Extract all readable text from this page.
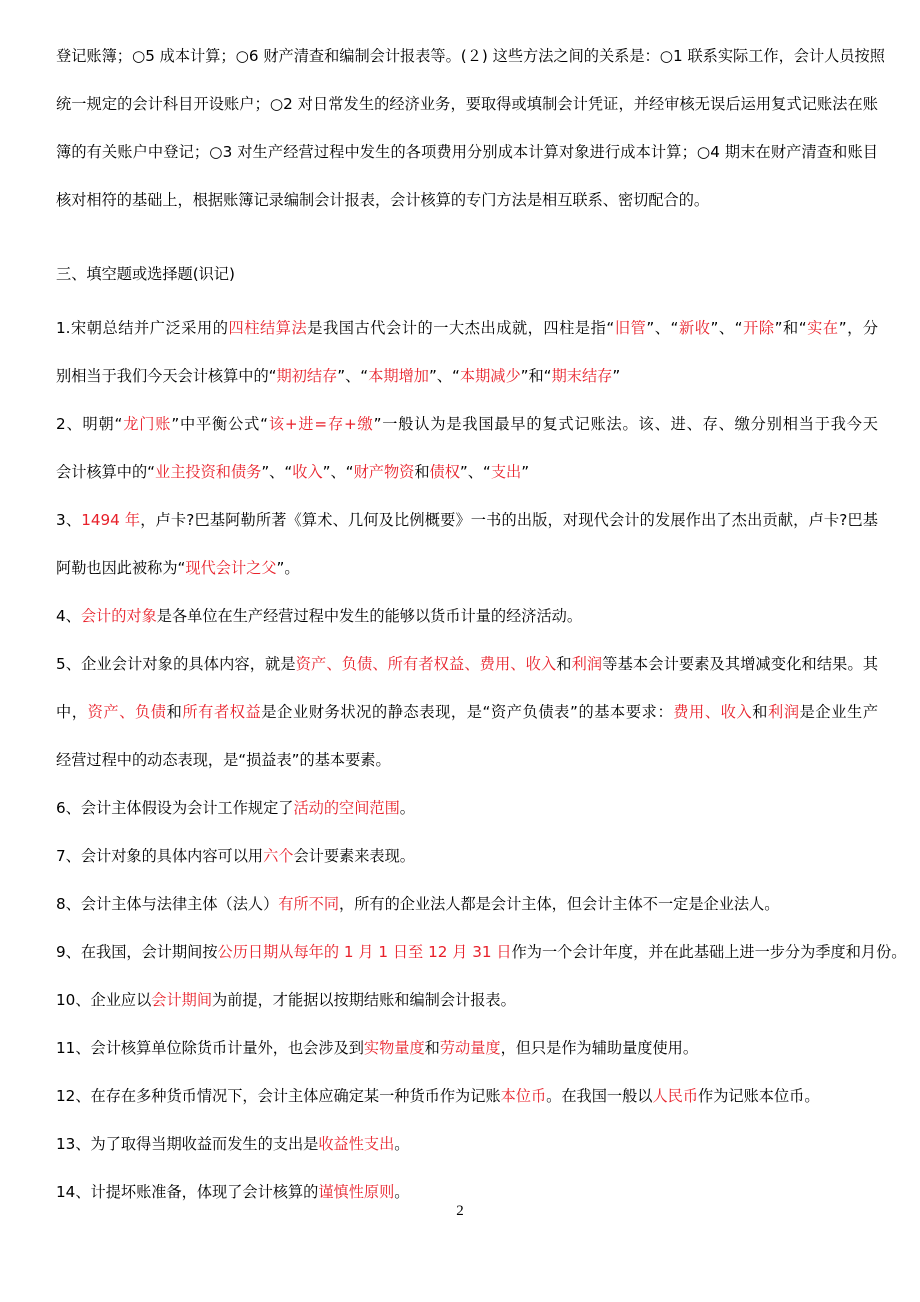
登记账簿；○5 成本计算；○6 财产清查和编制会计报表等。(２) 这些方法之间的关系是：○1 联系实际工作，会计人员按照
统一规定的会计科目开设账户；○2 对日常发生的经济业务，要取得或填制会计凭证，并经审核无误后运用复式记账法在账
簿的有关账户中登记；○3 对生产经营过程中发生的各项费用分别成本计算对象进行成本计算；○4 期末在财产清查和账目
核对相符的基础上，根据账簿记录编制会计报表，会计核算的专门方法是相互联系、密切配合的。
三、填空题或选择题(识记)
1.宋朝总结并广泛采用的四柱结算法是我国古代会计的一大杰出成就，四柱是指“旧管”、“新收”、“开除”和“实在”，分
别相当于我们今天会计核算中的“期初结存”、“本期增加”、“本期减少”和“期末结存”
2、明朝“龙门账”中平衡公式“该+进=存+缴”一般认为是我国最早的复式记账法。该、进、存、缴分别相当于我今天
会计核算中的“业主投资和债务”、“收入”、“财产物资和债权”、“支出”
3、1494 年，卢卡?巴基阿勒所著《算术、几何及比例概要》一书的出版，对现代会计的发展作出了杰出贡献，卢卡?巴基
阿勒也因此被称为“现代会计之父”。
4、会计的对象是各单位在生产经营过程中发生的能够以货币计量的经济活动。
5、企业会计对象的具体内容，就是资产、负债、所有者权益、费用、收入和利润等基本会计要素及其增减变化和结果。其
中，资产、负债和所有者权益是企业财务状况的静态表现，是“资产负债表”的基本要求：费用、收入和利润是企业生产
经营过程中的动态表现，是“损益表”的基本要素。
6、会计主体假设为会计工作规定了活动的空间范围。
7、会计对象的具体内容可以用六个会计要素来表现。
8、会计主体与法律主体（法人）有所不同，所有的企业法人都是会计主体，但会计主体不一定是企业法人。
9、在我国，会计期间按公历日期从每年的 1 月 1 日至 12 月 31 日作为一个会计年度，并在此基础上进一步分为季度和月份。
10、企业应以会计期间为前提，才能据以按期结账和编制会计报表。
11、会计核算单位除货币计量外，也会涉及到实物量度和劳动量度，但只是作为辅助量度使用。
12、在存在多种货币情况下，会计主体应确定某一种货币作为记账本位币。在我国一般以人民币作为记账本位币。
13、为了取得当期收益而发生的支出是收益性支出。
14、计提坏账准备，体现了会计核算的谨慎性原则。
2
